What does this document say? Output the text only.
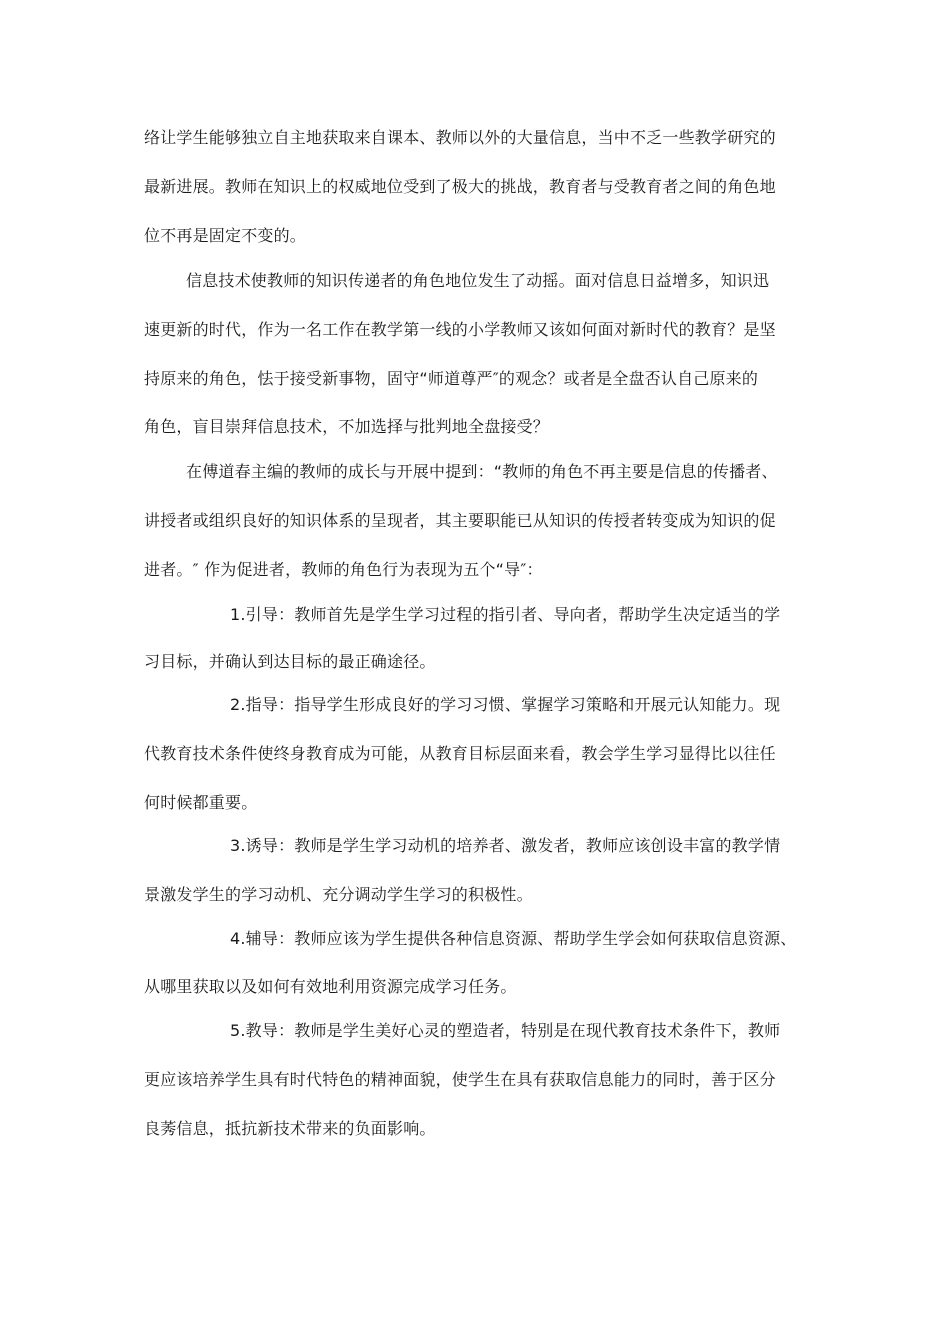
络让学生能够独立自主地获取来自课本、教师以外的大量信息，当中不乏一些教学研究的
最新进展。教师在知识上的权威地位受到了极大的挑战，教育者与受教育者之间的角色地
位不再是固定不变的。
信息技术使教师的知识传递者的角色地位发生了动摇。面对信息日益增多，知识迅
速更新的时代，作为一名工作在教学第一线的小学教师又该如何面对新时代的教育？是坚
持原来的角色，怯于接受新事物，固守“师道尊严″的观念？或者是全盘否认自己原来的
角色，盲目崇拜信息技术，不加选择与批判地全盘接受？
在傅道春主编的教师的成长与开展中提到：“教师的角色不再主要是信息的传播者、
讲授者或组织良好的知识体系的呈现者，其主要职能已从知识的传授者转变成为知识的促
进者。″ 作为促进者，教师的角色行为表现为五个“导″：
1.引导：教师首先是学生学习过程的指引者、导向者，帮助学生决定适当的学
习目标，并确认到达目标的最正确途径。
2.指导：指导学生形成良好的学习习惯、掌握学习策略和开展元认知能力。现
代教育技术条件使终身教育成为可能，从教育目标层面来看，教会学生学习显得比以往任
何时候都重要。
3.诱导：教师是学生学习动机的培养者、激发者，教师应该创设丰富的教学情
景激发学生的学习动机、充分调动学生学习的积极性。
4.辅导：教师应该为学生提供各种信息资源、帮助学生学会如何获取信息资源、
从哪里获取以及如何有效地利用资源完成学习任务。
5.教导：教师是学生美好心灵的塑造者，特别是在现代教育技术条件下，教师
更应该培养学生具有时代特色的精神面貌，使学生在具有获取信息能力的同时，善于区分
良莠信息，抵抗新技术带来的负面影响。
